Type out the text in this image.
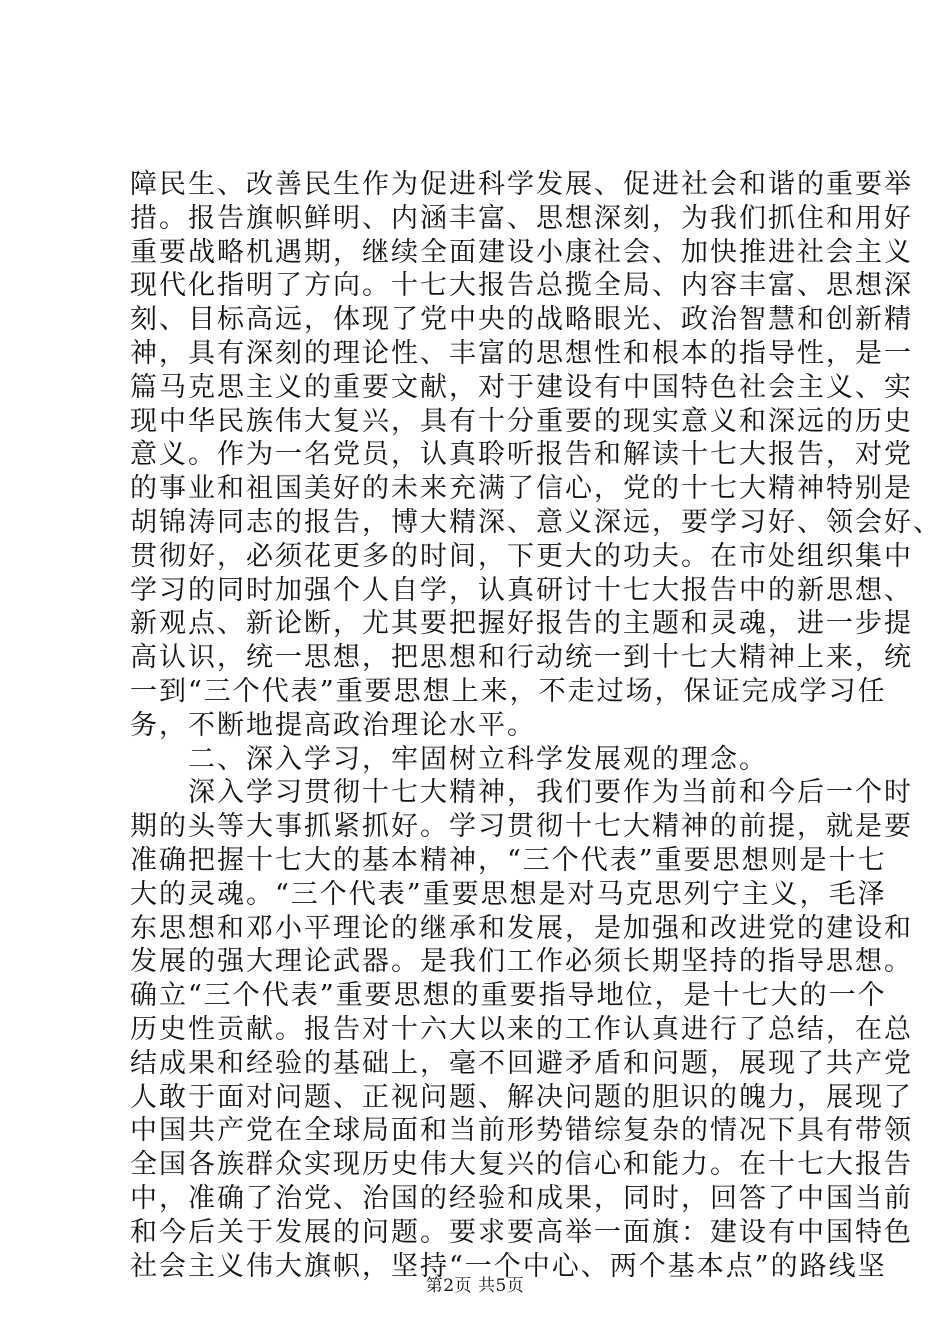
障民生、改善民生作为促进科学发展、促进社会和谐的重要举

措。报告旗帜鲜明、内涵丰富、思想深刻，为我们抓住和用好

重要战略机遇期，继续全面建设小康社会、加快推进社会主义

现代化指明了方向。十七大报告总揽全局、内容丰富、思想深

刻、目标高远，体现了党中央的战略眼光、政治智慧和创新精

神，具有深刻的理论性、丰富的思想性和根本的指导性，是一

篇马克思主义的重要文献，对于建设有中国特色社会主义、实

现中华民族伟大复兴，具有十分重要的现实意义和深远的历史

意义。作为一名党员，认真聆听报告和解读十七大报告，对党

的事业和祖国美好的未来充满了信心，党的十七大精神特别是

胡锦涛同志的报告，博大精深、意义深远，要学习好、领会好、

贯彻好，必须花更多的时间，下更大的功夫。在市处组织集中

学习的同时加强个人自学，认真研讨十七大报告中的新思想、

新观点、新论断，尤其要把握好报告的主题和灵魂，进一步提

高认识，统一思想，把思想和行动统一到十七大精神上来，统

一到“三个代表”重要思想上来，不走过场，保证完成学习任

务，不断地提高政治理论水平。

　　二、深入学习，牢固树立科学发展观的理念。

　　深入学习贯彻十七大精神，我们要作为当前和今后一个时

期的头等大事抓紧抓好。学习贯彻十七大精神的前提，就是要

准确把握十七大的基本精神，“三个代表”重要思想则是十七

大的灵魂。“三个代表”重要思想是对马克思列宁主义，毛泽

东思想和邓小平理论的继承和发展，是加强和改进党的建设和

发展的强大理论武器。是我们工作必须长期坚持的指导思想。

确立“三个代表”重要思想的重要指导地位，是十七大的一个

历史性贡献。报告对十六大以来的工作认真进行了总结，在总

结成果和经验的基础上，毫不回避矛盾和问题，展现了共产党

人敢于面对问题、正视问题、解决问题的胆识的魄力，展现了

中国共产党在全球局面和当前形势错综复杂的情况下具有带领

全国各族群众实现历史伟大复兴的信心和能力。在十七大报告

中，准确了治党、治国的经验和成果，同时，回答了中国当前

和今后关于发展的问题。要求要高举一面旗：建设有中国特色

社会主义伟大旗帜，坚持“一个中心、两个基本点”的路线坚

第2页 共5页
